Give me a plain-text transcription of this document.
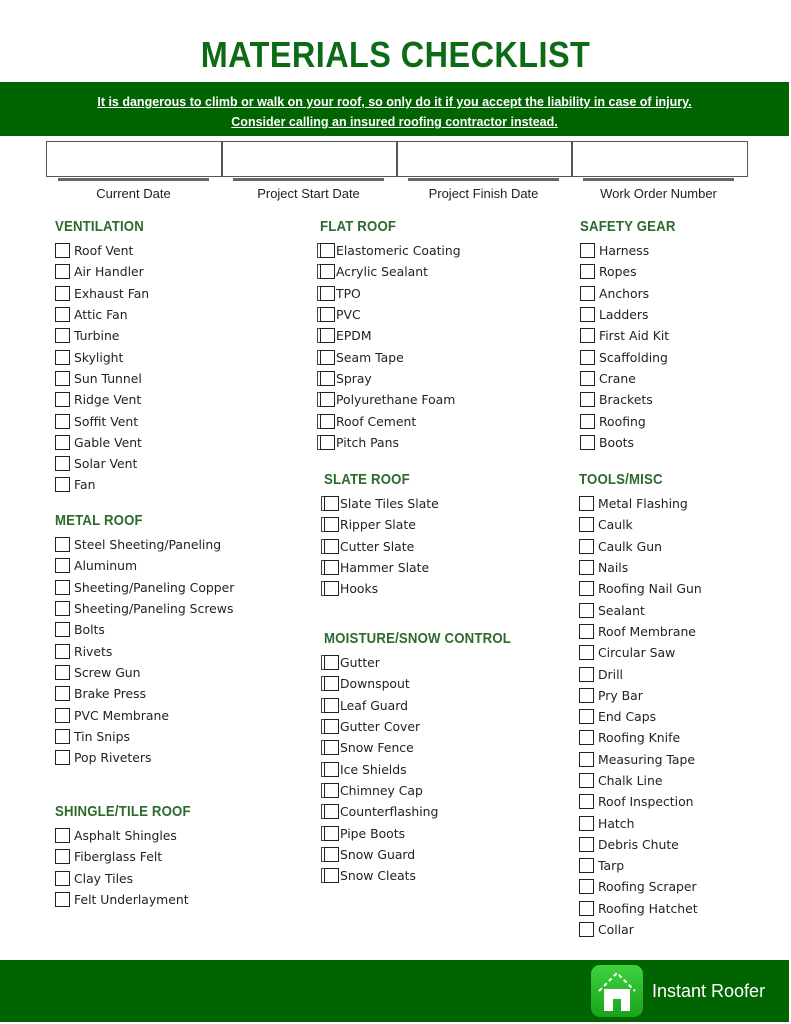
MATERIALS CHECKLIST
It is dangerous to climb or walk on your roof, so only do it if you accept the liability in case of injury.
Consider calling an insured roofing contractor instead.
Current Date	Project Start Date	Project Finish Date	Work Order Number
VENTILATION
Roof Vent
Air Handler
Exhaust Fan
Attic Fan
Turbine
Skylight
Sun Tunnel
Ridge Vent
Soffit Vent
Gable Vent
Solar Vent
Fan
METAL ROOF
Steel Sheeting/Paneling
Aluminum
Sheeting/Paneling Copper
Sheeting/Paneling Screws
Bolts
Rivets
Screw Gun
Brake Press
PVC Membrane
Tin Snips
Pop Riveters
SHINGLE/TILE ROOF
Asphalt Shingles
Fiberglass Felt
Clay Tiles
Felt Underlayment
FLAT ROOF
Elastomeric Coating
Acrylic Sealant
TPO
PVC
EPDM
Seam Tape
Spray
Polyurethane Foam
Roof Cement
Pitch Pans
SLATE ROOF
Slate Tiles Slate
Ripper Slate
Cutter Slate
Hammer Slate
Hooks
MOISTURE/SNOW CONTROL
Gutter
Downspout
Leaf Guard
Gutter Cover
Snow Fence
Ice Shields
Chimney Cap
Counterflashing
Pipe Boots
Snow Guard
Snow Cleats
SAFETY GEAR
Harness
Ropes
Anchors
Ladders
First Aid Kit
Scaffolding
Crane
Brackets
Roofing
Boots
TOOLS/MISC
Metal Flashing
Caulk
Caulk Gun
Nails
Roofing Nail Gun
Sealant
Roof Membrane
Circular Saw
Drill
Pry Bar
End Caps
Roofing Knife
Measuring Tape
Chalk Line
Roof Inspection
Hatch
Debris Chute
Tarp
Roofing Scraper
Roofing Hatchet
Collar
Instant Roofer
